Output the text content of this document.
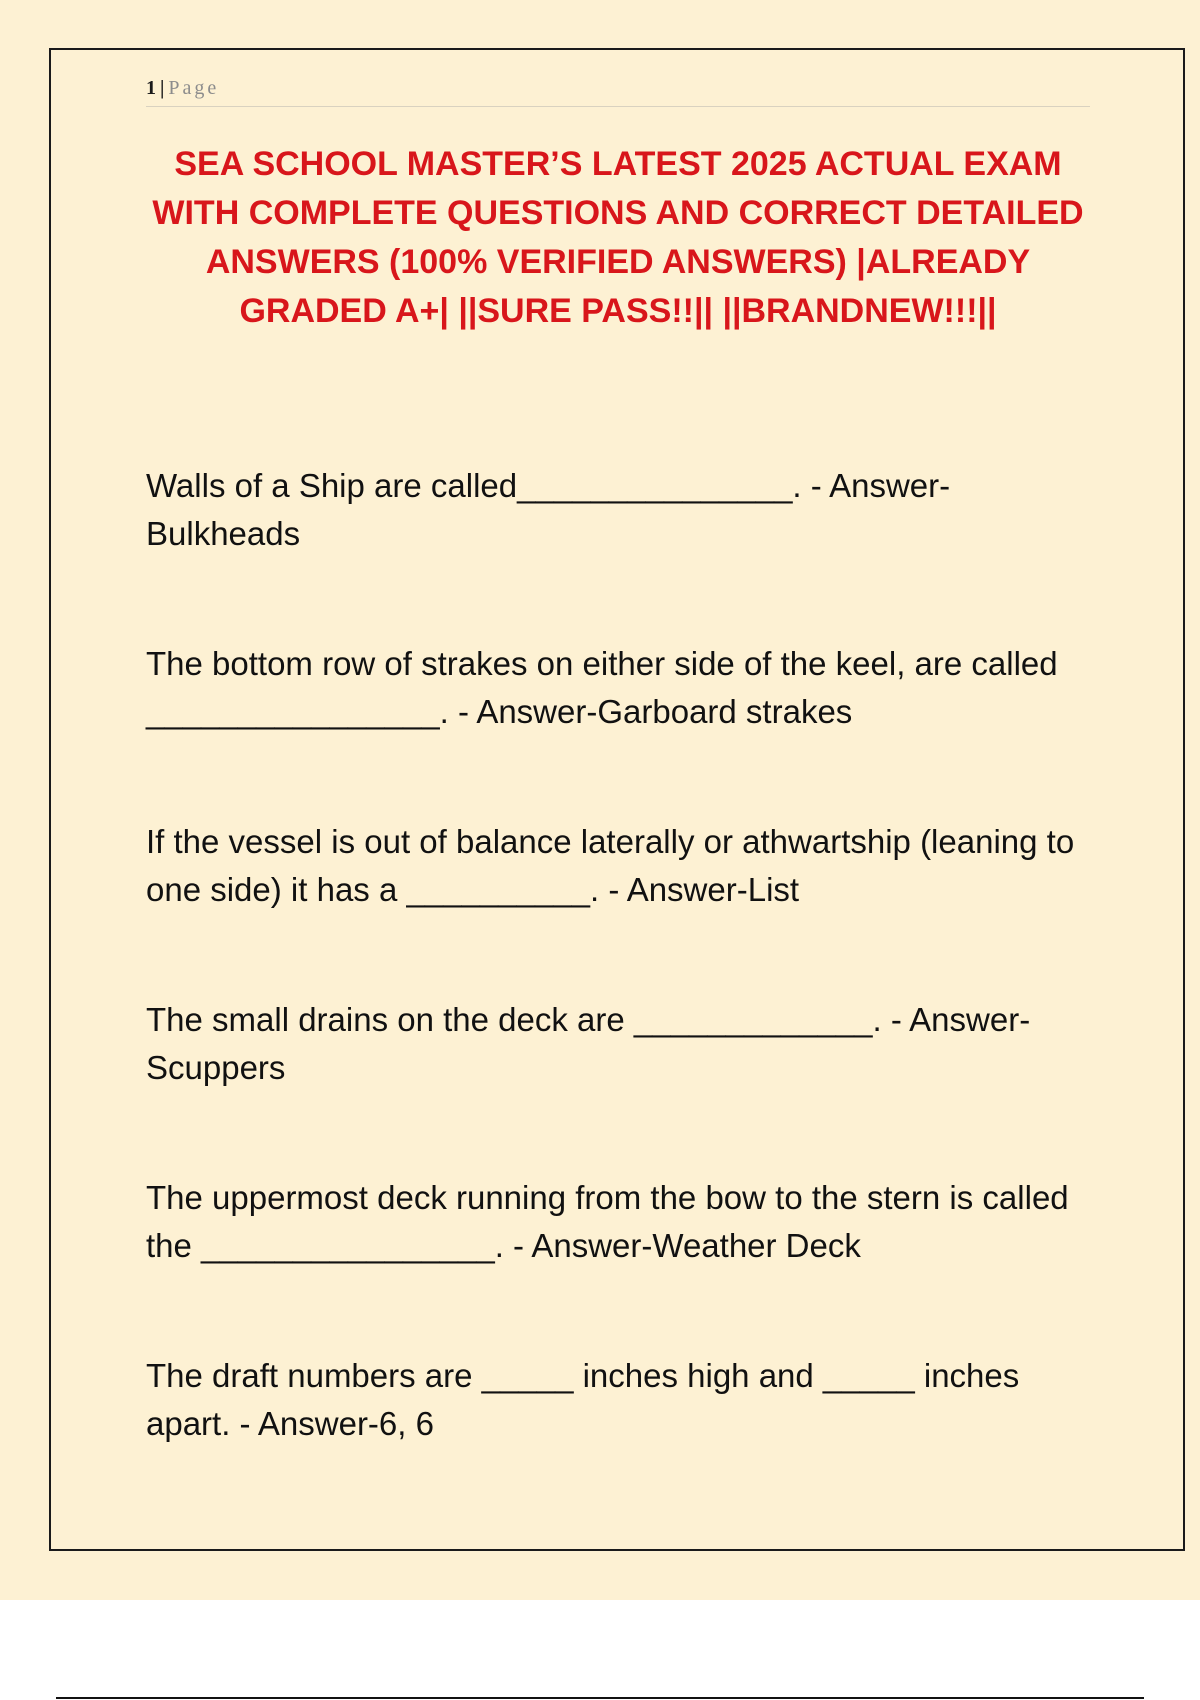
1 | Page
SEA SCHOOL MASTER’S LATEST 2025 ACTUAL EXAM WITH COMPLETE QUESTIONS AND CORRECT DETAILED ANSWERS (100% VERIFIED ANSWERS) |ALREADY GRADED A+| ||SURE PASS!!|| ||BRANDNEW!!!||

Walls of a Ship are called_______________. - Answer-Bulkheads

The bottom row of strakes on either side of the keel, are called ________________. - Answer-Garboard strakes

If the vessel is out of balance laterally or athwartship (leaning to one side) it has a __________. - Answer-List

The small drains on the deck are _____________. - Answer-Scuppers

The uppermost deck running from the bow to the stern is called the ________________. - Answer-Weather Deck

The draft numbers are _____ inches high and _____ inches apart. - Answer-6, 6
